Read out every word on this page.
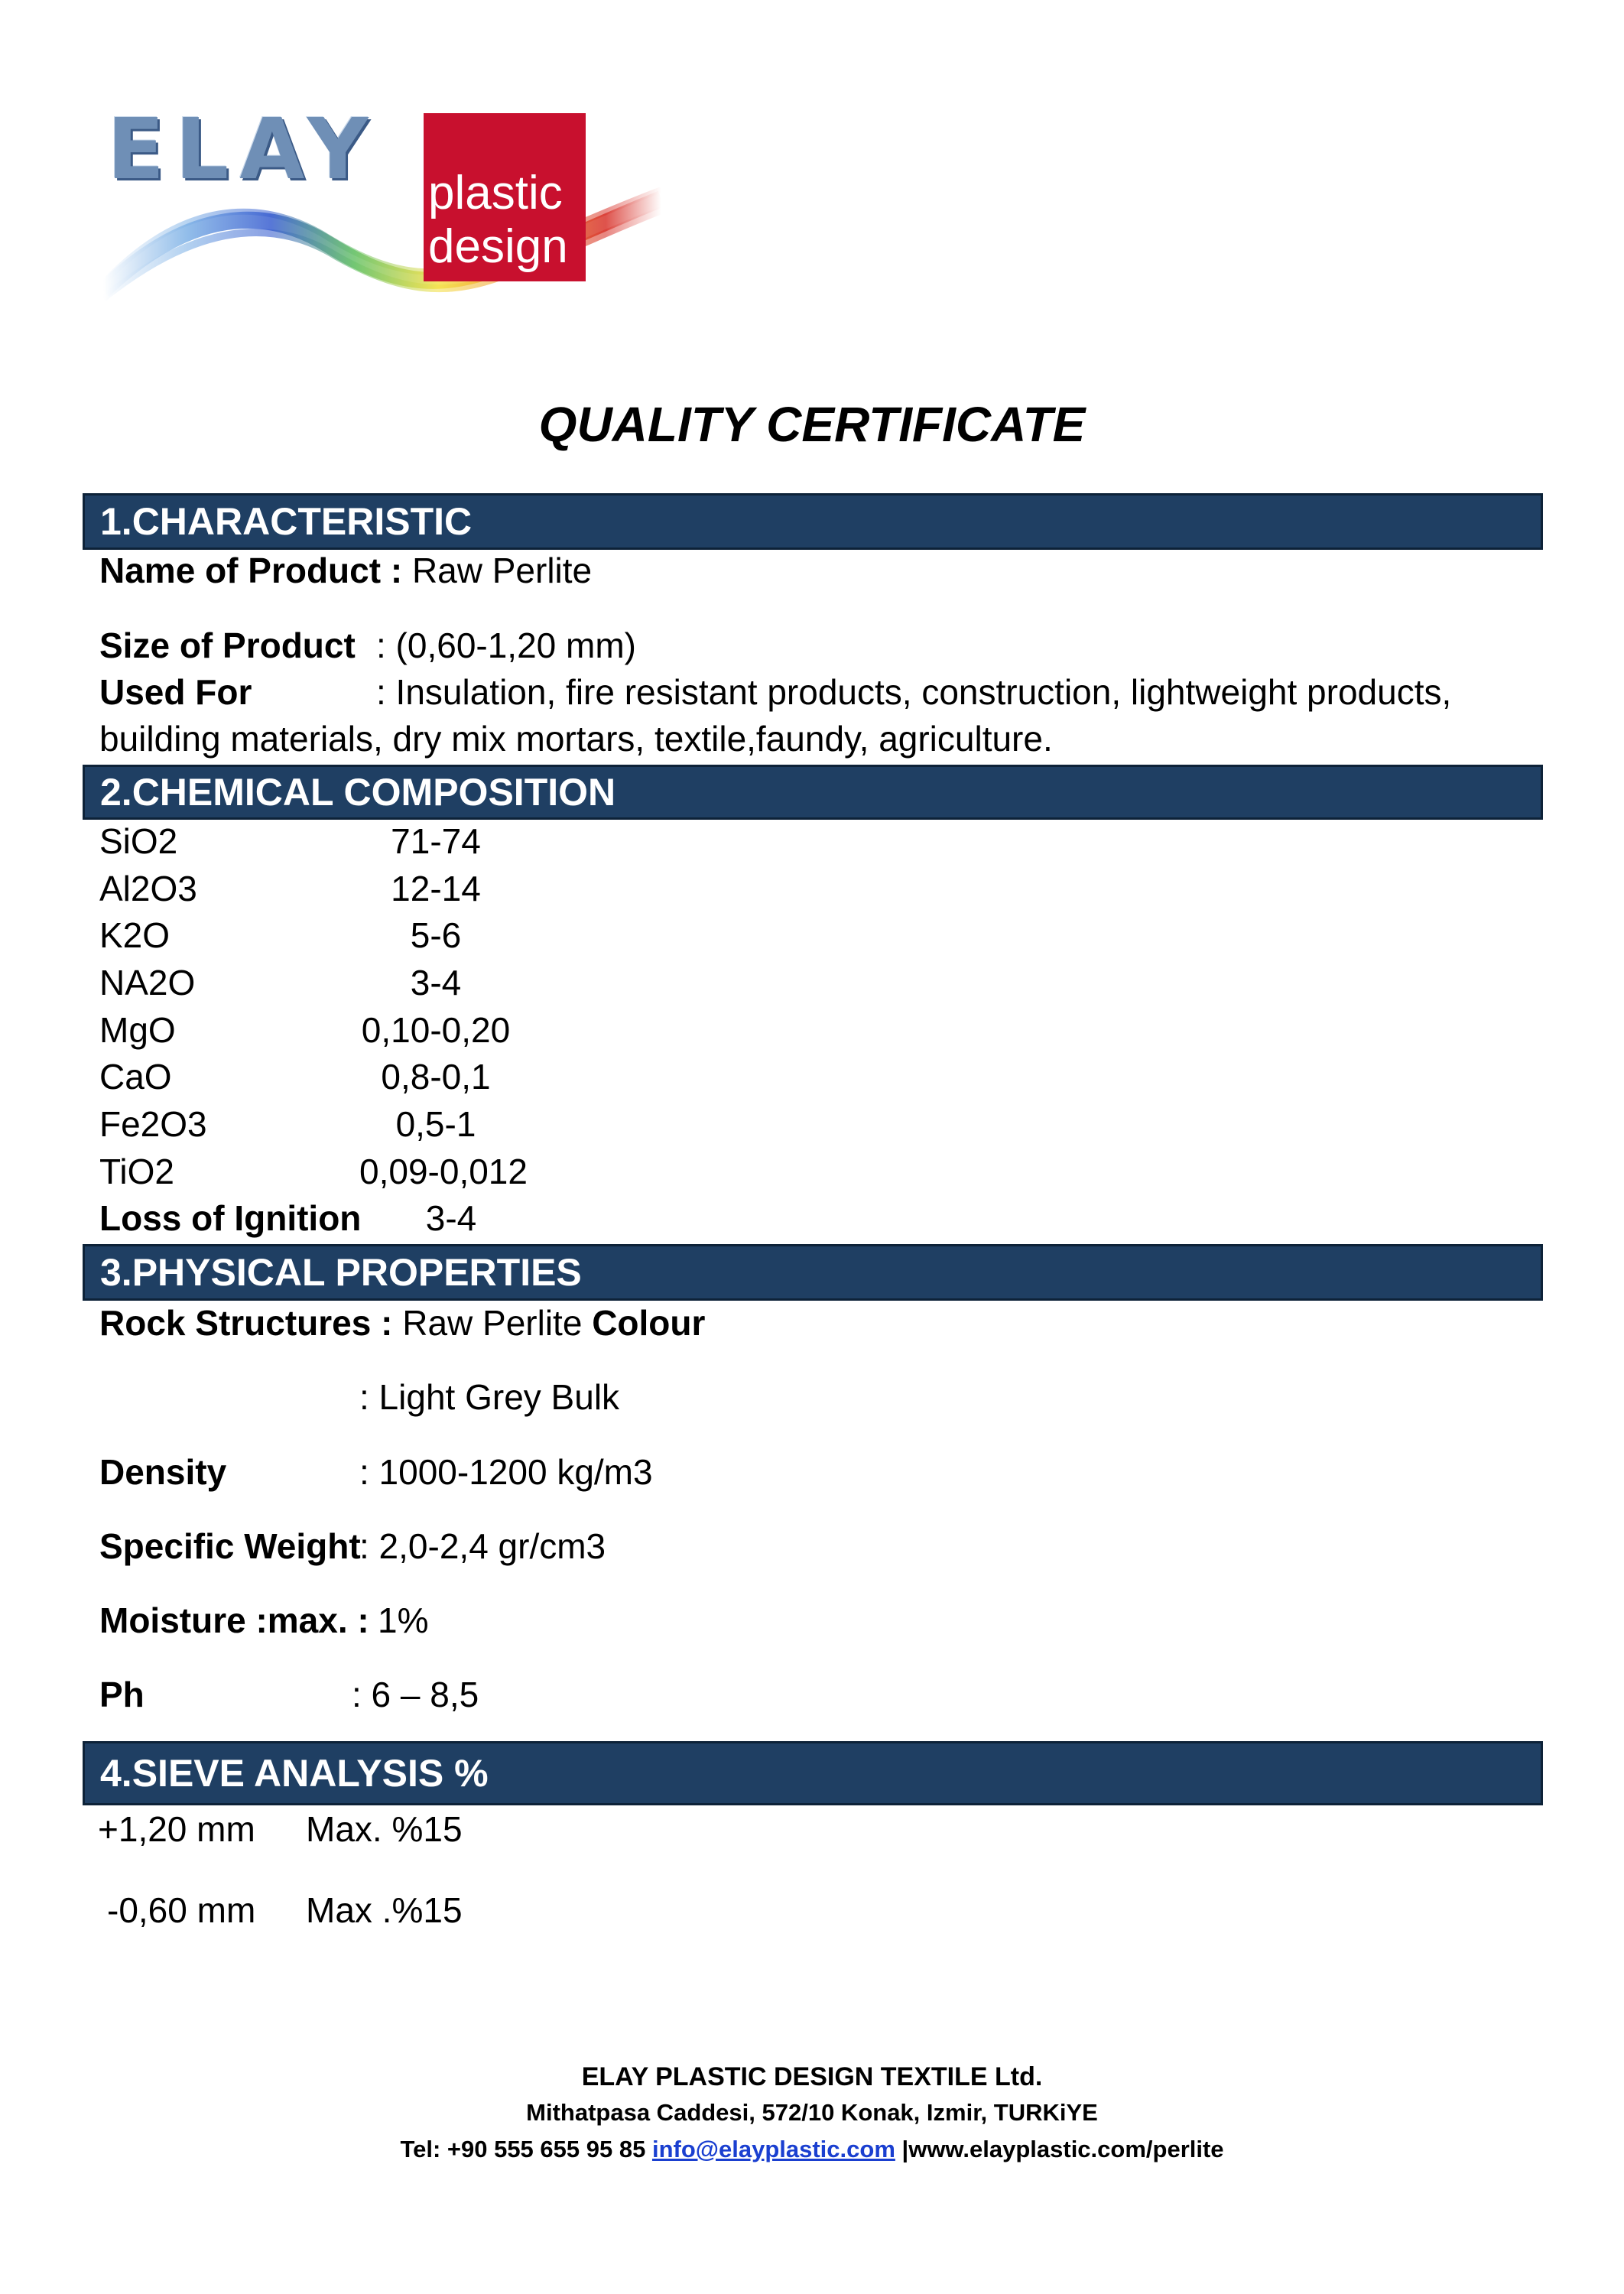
ELAY plastic
design
QUALITY CERTIFICATE
1.CHARACTERISTIC
Name of Product : Raw Perlite
Size of Product : (0,60-1,20 mm)
Used For	: Insulation, fire resistant products, construction, lightweight products,
building materials, dry mix mortars, textile,faundy, agriculture.
2.CHEMICAL COMPOSITION
SiO2	71-74
Al2O3	12-14
K2O	5-6
NA2O	3-4
MgO	0,10-0,20
CaO	0,8-0,1
Fe2O3	0,5-1
TiO2	0,09-0,012
Loss of Ignition	3-4
3.PHYSICAL PROPERTIES
Rock Structures : Raw Perlite Colour
: Light Grey Bulk
Density	: 1000-1200 kg/m3
Specific Weight
: 2,0-2,4 gr/cm3
Moisture :max. : 1%
Ph	: 6 – 8,5
4.SIEVE ANALYSIS %
+1,20 mm Max. %15
-0,60 mm Max .%15
ELAY PLASTIC DESIGN TEXTILE Ltd.
Mithatpasa Caddesi, 572/10 Konak, Izmir, TURKiYE
Tel: +90 555 655 95 85 info@elayplastic.com |www.elayplastic.com/perlite
